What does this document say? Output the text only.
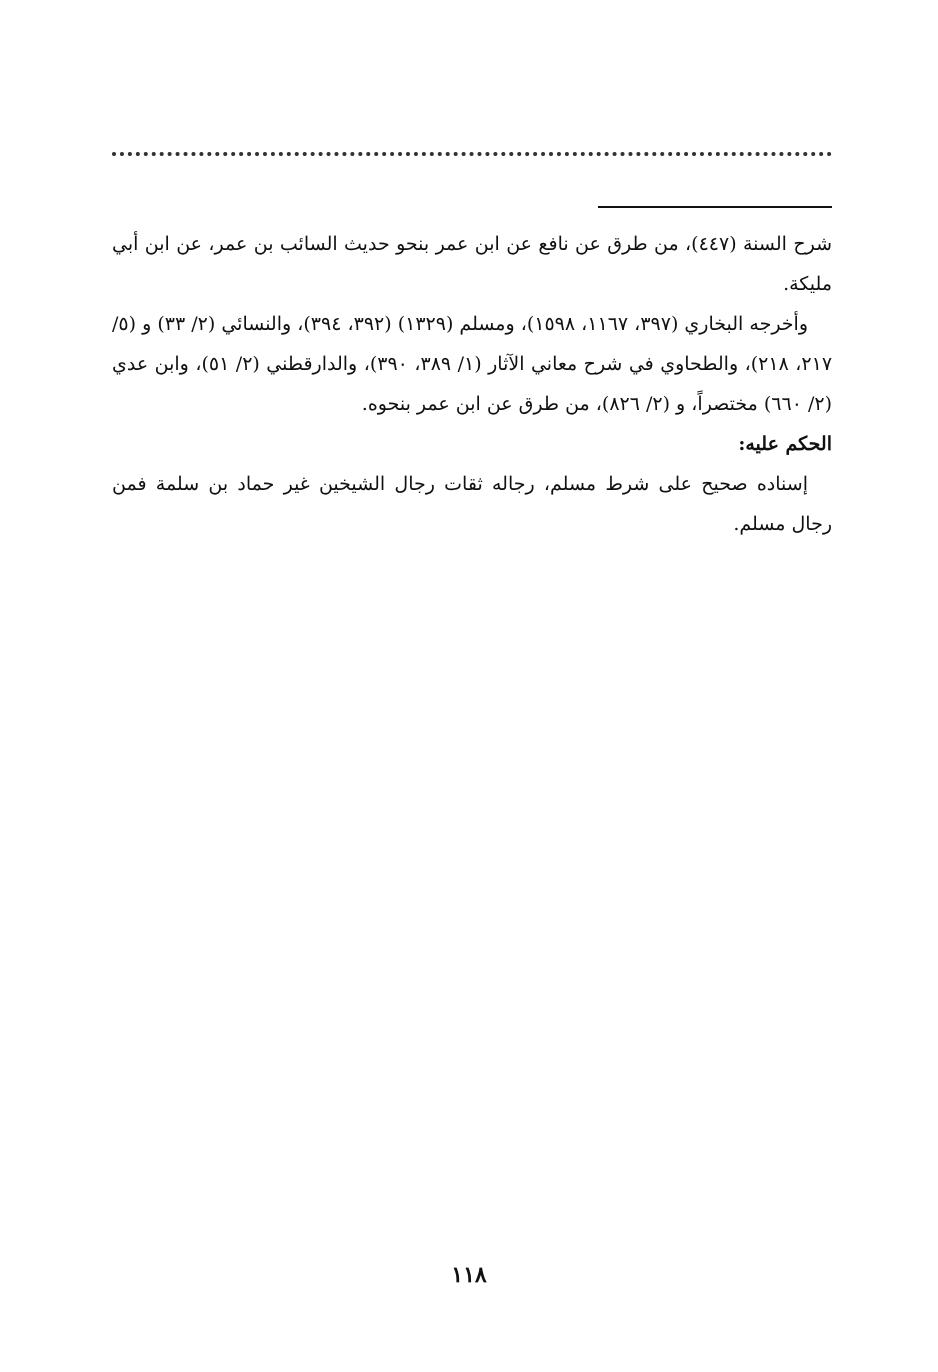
شرح السنة (٤٤٧)، من طرق عن نافع عن ابن عمر بنحو حديث السائب بن عمر، عن ابن أبي مليكة.

وأخرجه البخاري (٣٩٧، ١١٦٧، ١٥٩٨)، ومسلم (١٣٢٩) (٣٩٢، ٣٩٤)، والنسائي (٢/ ٣٣) و (٥/ ٢١٧، ٢١٨)، والطحاوي في شرح معاني الآثار (١/ ٣٨٩، ٣٩٠)، والدارقطني (٢/ ٥١)، وابن عدي (٢/ ٦٦٠) مختصراً، و (٢/ ٨٢٦)، من طرق عن ابن عمر بنحوه.

الحكم عليه:

إسناده صحيح على شرط مسلم، رجاله ثقات رجال الشيخين غير حماد بن سلمة فمن رجال مسلم.

١١٨
